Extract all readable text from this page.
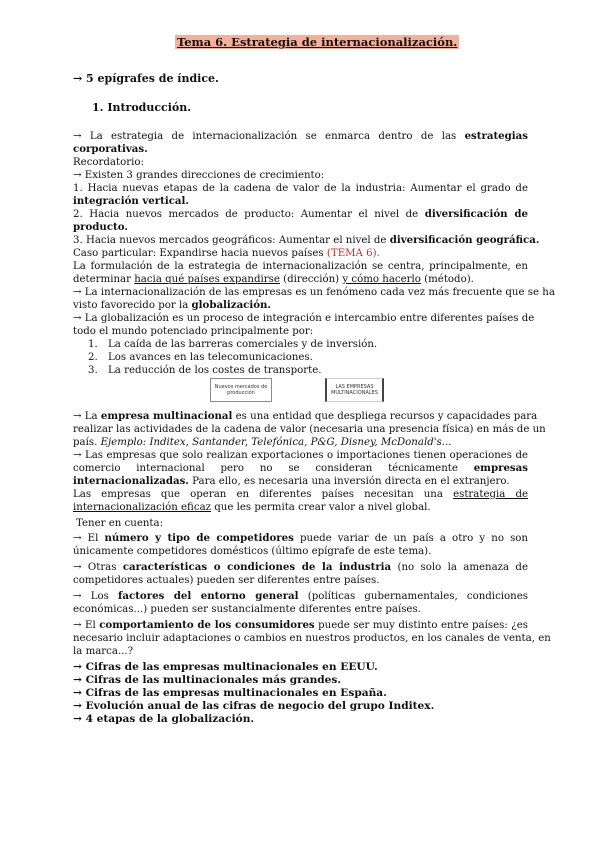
Tema 6. Estrategia de internacionalización.
→ 5 epígrafes de índice.
1. Introducción.
→ La estrategia de internacionalización se enmarca dentro de las estrategias
corporativas.
Recordatorio:
→ Existen 3 grandes direcciones de crecimiento:
1. Hacia nuevas etapas de la cadena de valor de la industria: Aumentar el grado de
integración vertical.
2. Hacia nuevos mercados de producto: Aumentar el nivel de diversificación de
producto.
3. Hacia nuevos mercados geográficos: Aumentar el nivel de diversificación geográfica.
Caso particular: Expandirse hacia nuevos países (TEMA 6).
La formulación de la estrategia de internacionalización se centra, principalmente, en
determinar hacia qué países expandirse (dirección) y cómo hacerlo (método).
→ La internacionalización de las empresas es un fenómeno cada vez más frecuente que se ha
visto favorecido por la globalización.
→ La globalización es un proceso de integración e intercambio entre diferentes países de
todo el mundo potenciado principalmente por:
1. La caída de las barreras comerciales y de inversión.
2. Los avances en las telecomunicaciones.
3. La reducción de los costes de transporte.
Nuevos mercados de
producción
LAS EMPRESAS
MULTINACIONALES
→ La empresa multinacional es una entidad que despliega recursos y capacidades para
realizar las actividades de la cadena de valor (necesaria una presencia física) en más de un
país. Ejemplo: Inditex, Santander, Telefónica, P&G, Disney, McDonald's...
→ Las empresas que solo realizan exportaciones o importaciones tienen operaciones de
comercio internacional pero no se consideran técnicamente empresas
internacionalizadas. Para ello, es necesaria una inversión directa en el extranjero.
Las empresas que operan en diferentes países necesitan una estrategia de
internacionalización eficaz que les permita crear valor a nivel global.
Tener en cuenta:
→ El número y tipo de competidores puede variar de un país a otro y no son
únicamente competidores domésticos (último epígrafe de este tema).
→ Otras características o condiciones de la industria (no solo la amenaza de
competidores actuales) pueden ser diferentes entre países.
→ Los factores del entorno general (políticas gubernamentales, condiciones
económicas...) pueden ser sustancialmente diferentes entre países.
→ El comportamiento de los consumidores puede ser muy distinto entre países: ¿es
necesario incluir adaptaciones o cambios en nuestros productos, en los canales de venta, en
la marca...?
→ Cifras de las empresas multinacionales en EEUU.
→ Cifras de las multinacionales más grandes.
→ Cifras de las empresas multinacionales en España.
→ Evolución anual de las cifras de negocio del grupo Inditex.
→ 4 etapas de la globalización.
